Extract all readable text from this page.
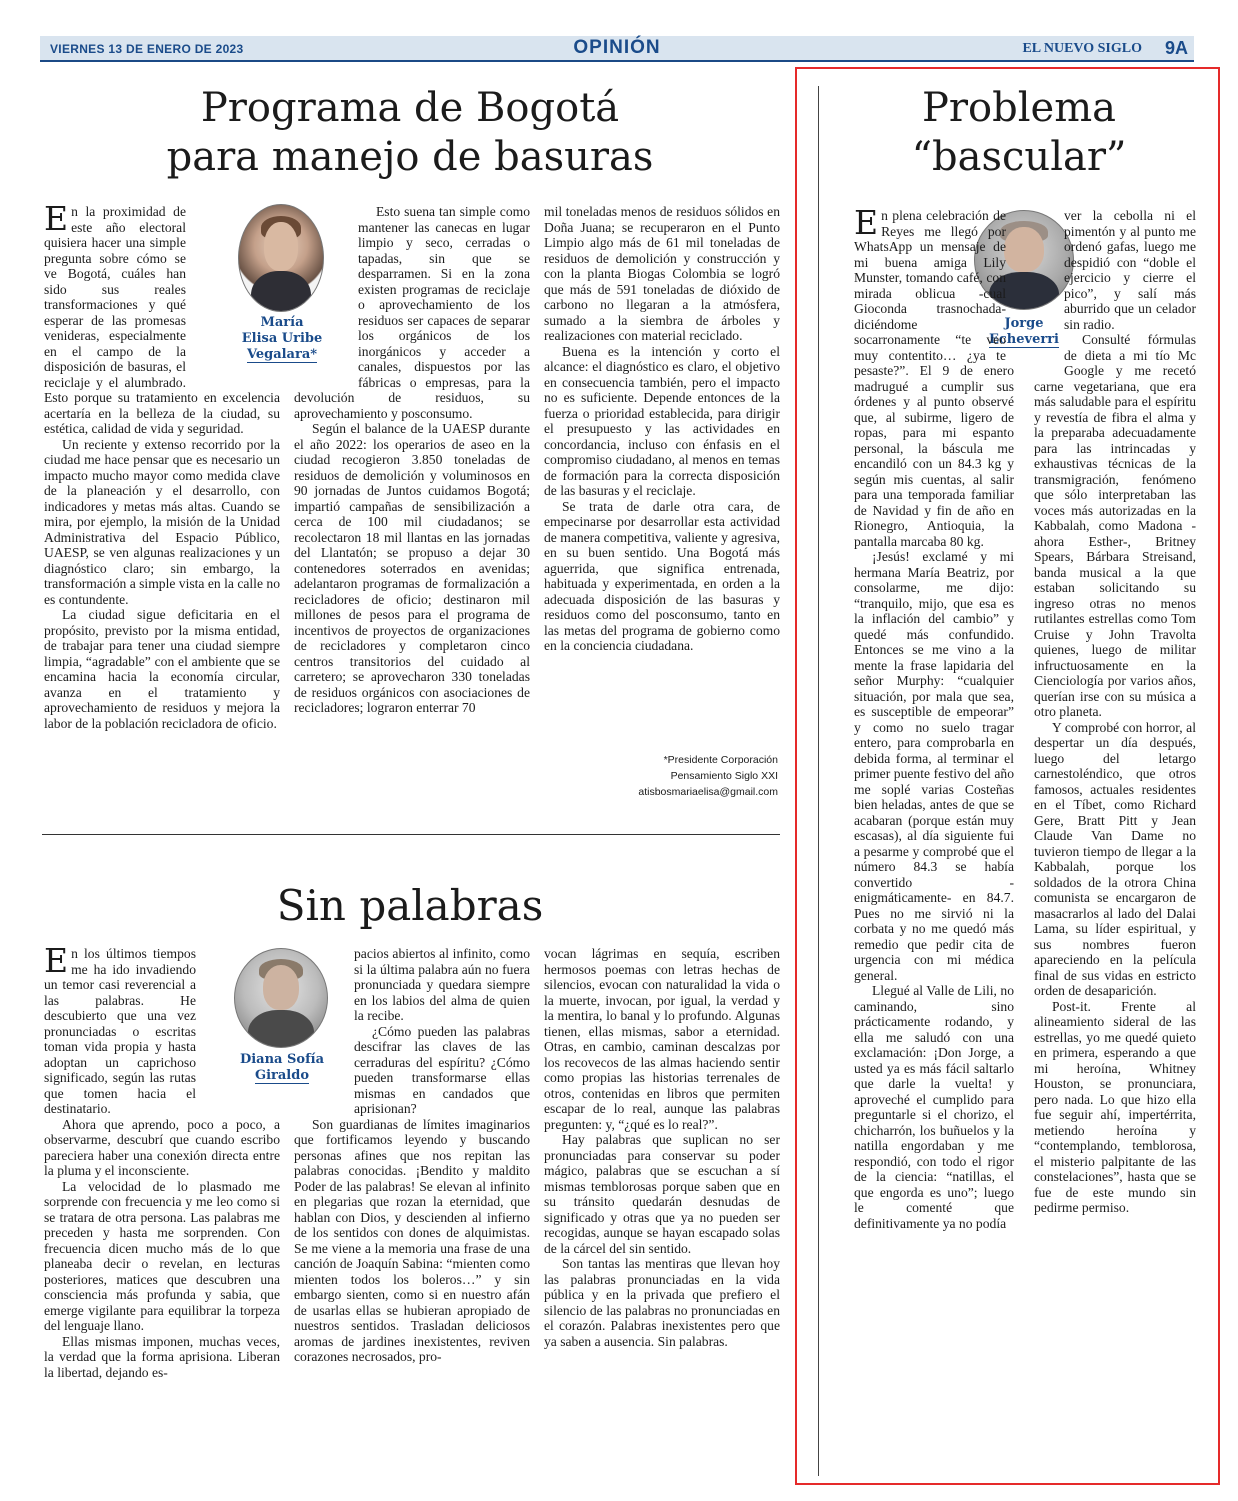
VIERNES 13 DE ENERO DE 2023	OPINIÓN	EL NUEVO SIGLO 9A
Programa de Bogotá
para manejo de basuras
María
Elisa Uribe
Vegalara*

En la proximidad de este año electoral quisiera hacer una simple pregunta sobre cómo se ve Bogotá, cuáles han sido sus reales transformaciones y qué esperar de las promesas venideras, especialmente en el campo de la disposición de basuras, el reciclaje y el alumbrado. Esto porque su tratamiento en excelencia acertaría en la belleza de la ciudad, su estética, calidad de vida y seguridad.

Un reciente y extenso recorrido por la ciudad me hace pensar que es necesario un impacto mucho mayor como medida clave de la planeación y el desarrollo, con indicadores y metas más altas. Cuando se mira, por ejemplo, la misión de la Unidad Administrativa del Espacio Público, UAESP, se ven algunas realizaciones y un diagnóstico claro; sin embargo, la transformación a simple vista en la calle no es contundente.

La ciudad sigue deficitaria en el propósito, previsto por la misma entidad, de trabajar para tener una ciudad siempre limpia, “agradable” con el ambiente que se encamina hacia la economía circular, avanza en el tratamiento y aprovechamiento de residuos y mejora la labor de la población recicladora de oficio.

Esto suena tan simple como mantener las canecas en lugar limpio y seco, cerradas o tapadas, sin que se desparramen. Si en la zona existen programas de reciclaje o aprovechamiento de los residuos ser capaces de separar los orgánicos de los inorgánicos y acceder a canales, dispuestos por las fábricas o empresas, para la devolución de residuos, su aprovechamiento y posconsumo.

Según el balance de la UAESP durante el año 2022: los operarios de aseo en la ciudad recogieron 3.850 toneladas de residuos de demolición y voluminosos en 90 jornadas de Juntos cuidamos Bogotá; impartió campañas de sensibilización a cerca de 100 mil ciudadanos; se recolectaron 18 mil llantas en las jornadas del Llantatón; se propuso a dejar 30 contenedores soterrados en avenidas; adelantaron programas de formalización a recicladores de oficio; destinaron mil millones de pesos para el programa de incentivos de proyectos de organizaciones de recicladores y completaron cinco centros transitorios del cuidado al carretero; se aprovecharon 330 toneladas de residuos orgánicos con asociaciones de recicladores; lograron enterrar 70

mil toneladas menos de residuos sólidos en Doña Juana; se recuperaron en el Punto Limpio algo más de 61 mil toneladas de residuos de demolición y construcción y con la planta Biogas Colombia se logró que más de 591 toneladas de dióxido de carbono no llegaran a la atmósfera, sumado a la siembra de árboles y realizaciones con material reciclado.

Buena es la intención y corto el alcance: el diagnóstico es claro, el objetivo en consecuencia también, pero el impacto no es suficiente. Depende entonces de la fuerza o prioridad establecida, para dirigir el presupuesto y las actividades en concordancia, incluso con énfasis en el compromiso ciudadano, al menos en temas de formación para la correcta disposición de las basuras y el reciclaje.

Se trata de darle otra cara, de empecinarse por desarrollar esta actividad de manera competitiva, valiente y agresiva, en su buen sentido. Una Bogotá más aguerrida, que significa entrenada, habituada y experimentada, en orden a la adecuada disposición de las basuras y residuos como del posconsumo, tanto en las metas del programa de gobierno como en la conciencia ciudadana.

*Presidente Corporación
Pensamiento Siglo XXI
atisbosmariaelisa@gmail.com
Sin palabras
Diana Sofía
Giraldo

En los últimos tiempos me ha ido invadiendo un temor casi reverencial a las palabras. He descubierto que una vez pronunciadas o escritas toman vida propia y hasta adoptan un caprichoso significado, según las rutas que tomen hacia el destinatario.

Ahora que aprendo, poco a poco, a observarme, descubrí que cuando escribo pareciera haber una conexión directa entre la pluma y el inconsciente.

La velocidad de lo plasmado me sorprende con frecuencia y me leo como si se tratara de otra persona. Las palabras me preceden y hasta me sorprenden. Con frecuencia dicen mucho más de lo que planeaba decir o revelan, en lecturas posteriores, matices que descubren una consciencia más profunda y sabia, que emerge vigilante para equilibrar la torpeza del lenguaje llano.

Ellas mismas imponen, muchas veces, la verdad que la forma aprisiona. Liberan la libertad, dejando es-

pacios abiertos al infinito, como si la última palabra aún no fuera pronunciada y quedara siempre en los labios del alma de quien la recibe.

¿Cómo pueden las palabras descifrar las claves de las cerraduras del espíritu? ¿Cómo pueden transformarse ellas mismas en candados que aprisionan?

Son guardianas de límites imaginarios que fortificamos leyendo y buscando personas afines que nos repitan las palabras conocidas. ¡Bendito y maldito Poder de las palabras! Se elevan al infinito en plegarias que rozan la eternidad, que hablan con Dios, y descienden al infierno de los sentidos con dones de alquimistas. Se me viene a la memoria una frase de una canción de Joaquín Sabina: “mienten como mienten todos los boleros…” y sin embargo sienten, como si en nuestro afán de usarlas ellas se hubieran apropiado de nuestros sentidos. Trasladan deliciosos aromas de jardines inexistentes, reviven corazones necrosados, pro-

vocan lágrimas en sequía, escriben hermosos poemas con letras hechas de silencios, evocan con naturalidad la vida o la muerte, invocan, por igual, la verdad y la mentira, lo banal y lo profundo. Algunas tienen, ellas mismas, sabor a eternidad. Otras, en cambio, caminan descalzas por los recovecos de las almas haciendo sentir como propias las historias terrenales de otros, contenidas en libros que permiten escapar de lo real, aunque las palabras pregunten: y, “¿qué es lo real?”.

Hay palabras que suplican no ser pronunciadas para conservar su poder mágico, palabras que se escuchan a sí mismas temblorosas porque saben que en su tránsito quedarán desnudas de significado y otras que ya no pueden ser recogidas, aunque se hayan escapado solas de la cárcel del sin sentido.

Son tantas las mentiras que llevan hoy las palabras pronunciadas en la vida pública y en la privada que prefiero el silencio de las palabras no pronunciadas en el corazón. Palabras inexistentes pero que ya saben a ausencia. Sin palabras.

Problema
“bascular”
Jorge
Echeverri

En plena celebración de Reyes me llegó por WhatsApp un mensaje de mi buena amiga Lily Munster, tomando café, con mirada oblicua -cual Gioconda trasnochada- diciéndome socarronamente “te veo muy contentito… ¿ya te pesaste?”. El 9 de enero madrugué a cumplir sus órdenes y al punto observé que, al subirme, ligero de ropas, para mi espanto personal, la báscula me encandiló con un 84.3 kg y según mis cuentas, al salir para una temporada familiar de Navidad y fin de año en Rionegro, Antioquia, la pantalla marcaba 80 kg.

¡Jesús! exclamé y mi hermana María Beatriz, por consolarme, me dijo: “tranquilo, mijo, que esa es la inflación del cambio” y quedé más confundido. Entonces se me vino a la mente la frase lapidaria del señor Murphy: “cualquier situación, por mala que sea, es susceptible de empeorar” y como no suelo tragar entero, para comprobarla en debida forma, al terminar el primer puente festivo del año me soplé varias Costeñas bien heladas, antes de que se acabaran (porque están muy escasas), al día siguiente fui a pesarme y comprobé que el número 84.3 se había convertido -enigmáticamente- en 84.7. Pues no me sirvió ni la corbata y no me quedó más remedio que pedir cita de urgencia con mi médica general.

Llegué al Valle de Lili, no caminando, sino prácticamente rodando, y ella me saludó con una exclamación: ¡Don Jorge, a usted ya es más fácil saltarlo que darle la vuelta! y aproveché el cumplido para preguntarle si el chorizo, el chicharrón, los buñuelos y la natilla engordaban y me respondió, con todo el rigor de la ciencia: “natillas, el que engorda es uno”; luego le comenté que definitivamente ya no podía

ver la cebolla ni el pimentón y al punto me ordenó gafas, luego me despidió con “doble el ejercicio y cierre el pico”, y salí más aburrido que un celador sin radio.

Consulté fórmulas de dieta a mi tío Mc Google y me recetó carne vegetariana, que era más saludable para el espíritu y revestía de fibra el alma y la preparaba adecuadamente para las intrincadas y exhaustivas técnicas de la transmigración, fenómeno que sólo interpretaban las voces más autorizadas en la Kabbalah, como Madona - ahora Esther-, Britney Spears, Bárbara Streisand, banda musical a la que estaban solicitando su ingreso otras no menos rutilantes estrellas como Tom Cruise y John Travolta quienes, luego de militar infructuosamente en la Cienciología por varios años, querían irse con su música a otro planeta.

Y comprobé con horror, al despertar un día después, luego del letargo carnestoléndico, que otros famosos, actuales residentes en el Tíbet, como Richard Gere, Bratt Pitt y Jean Claude Van Dame no tuvieron tiempo de llegar a la Kabbalah, porque los soldados de la otrora China comunista se encargaron de masacrarlos al lado del Dalai Lama, su líder espiritual, y sus nombres fueron apareciendo en la película final de sus vidas en estricto orden de desaparición.

Post-it. Frente al alineamiento sideral de las estrellas, yo me quedé quieto en primera, esperando a que mi heroína, Whitney Houston, se pronunciara, pero nada. Lo que hizo ella fue seguir ahí, impertérrita, metiendo heroína y “contemplando, temblorosa, el misterio palpitante de las constelaciones”, hasta que se fue de este mundo sin pedirme permiso.
